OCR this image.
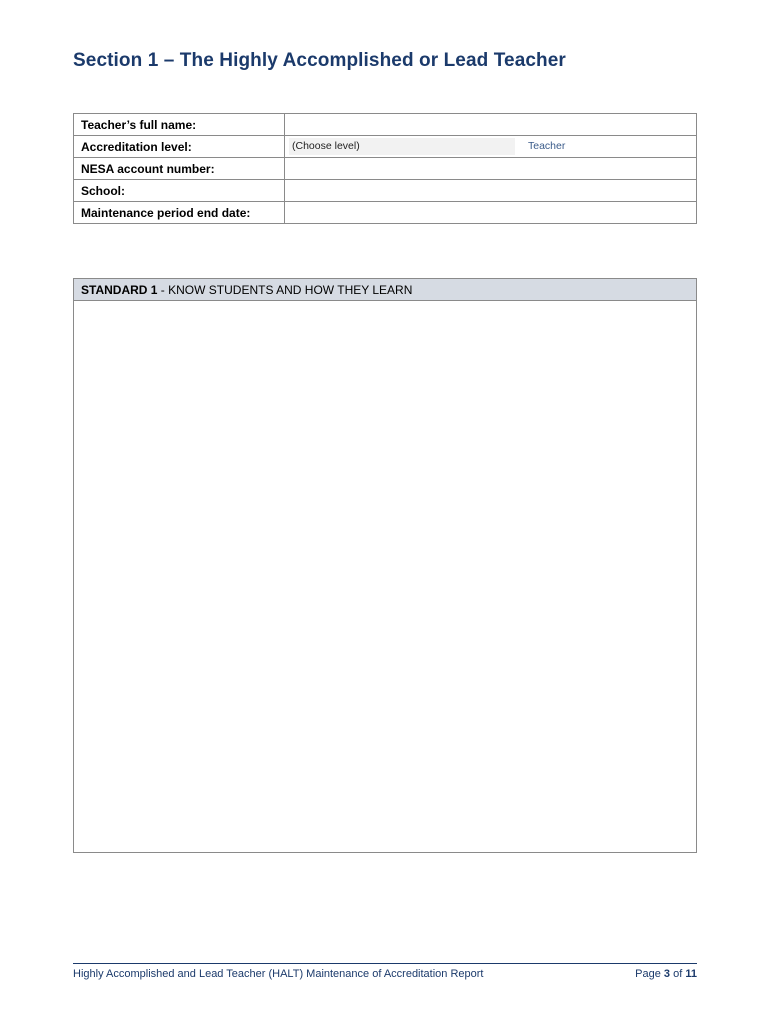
Section 1 – The Highly Accomplished or Lead Teacher
Teacher’s full name:	
Accreditation level:	(Choose level) Teacher

NESA account number:	
School:	
Maintenance period end date:	
STANDARD 1 - KNOW STUDENTS AND HOW THEY LEARN
Highly Accomplished and Lead Teacher (HALT) Maintenance of Accreditation Report	Page 3 of 11
